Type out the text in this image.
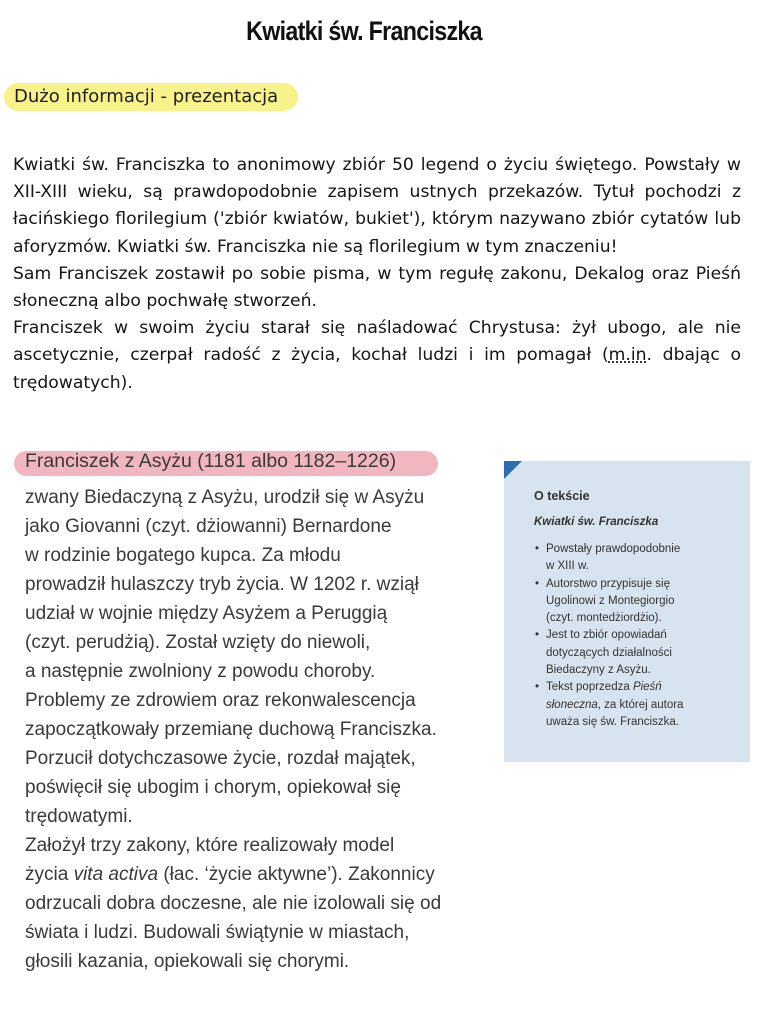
Kwiatki św. Franciszka
Dużo informacji - prezentacja

Kwiatki św. Franciszka to anonimowy zbiór 50 legend o życiu świętego. Powstały w XII-XIII wieku, są prawdopodobnie zapisem ustnych przekazów. Tytuł pochodzi z łacińskiego florilegium ('zbiór kwiatów, bukiet'), którym nazywano zbiór cytatów lub aforyzmów. Kwiatki św. Franciszka nie są florilegium w tym znaczeniu!

Sam Franciszek zostawił po sobie pisma, w tym regułę zakonu, Dekalog oraz Pieśń słoneczną albo pochwałę stworzeń.

Franciszek w swoim życiu starał się naśladować Chrystusa: żył ubogo, ale nie ascetycznie, czerpał radość z życia, kochał ludzi i im pomagał (m.in. dbając o trędowatych).

Franciszek z Asyżu (1181 albo 1182–1226)
zwany Biedaczyną z Asyżu, urodził się w Asyżu
jako Giovanni (czyt. dżiowanni) Bernardone
w rodzinie bogatego kupca. Za młodu
prowadził hulaszczy tryb życia. W 1202 r. wziął
udział w wojnie między Asyżem a Peruggią
(czyt. perudżią). Został wzięty do niewoli,
a następnie zwolniony z powodu choroby.
Problemy ze zdrowiem oraz rekonwalescencja
zapoczątkowały przemianę duchową Franciszka.
Porzucił dotychczasowe życie, rozdał majątek,
poświęcił się ubogim i chorym, opiekował się
trędowatymi.
Założył trzy zakony, które realizowały model
życia vita activa (łac. ‘życie aktywne’). Zakonnicy
odrzucali dobra doczesne, ale nie izolowali się od
świata i ludzi. Budowali świątynie w miastach,
głosili kazania, opiekowali się chorymi.
O tekście
Kwiatki św. Franciszka
• Powstały prawdopodobnie
w XIII w.
• Autorstwo przypisuje się
Ugolinowi z Montegiorgio
(czyt. montedżiordżio).
• Jest to zbiór opowiadań
dotyczących działalności
Biedaczyny z Asyżu.
• Tekst poprzedza Pieśń
słoneczna, za której autora
uważa się św. Franciszka.
